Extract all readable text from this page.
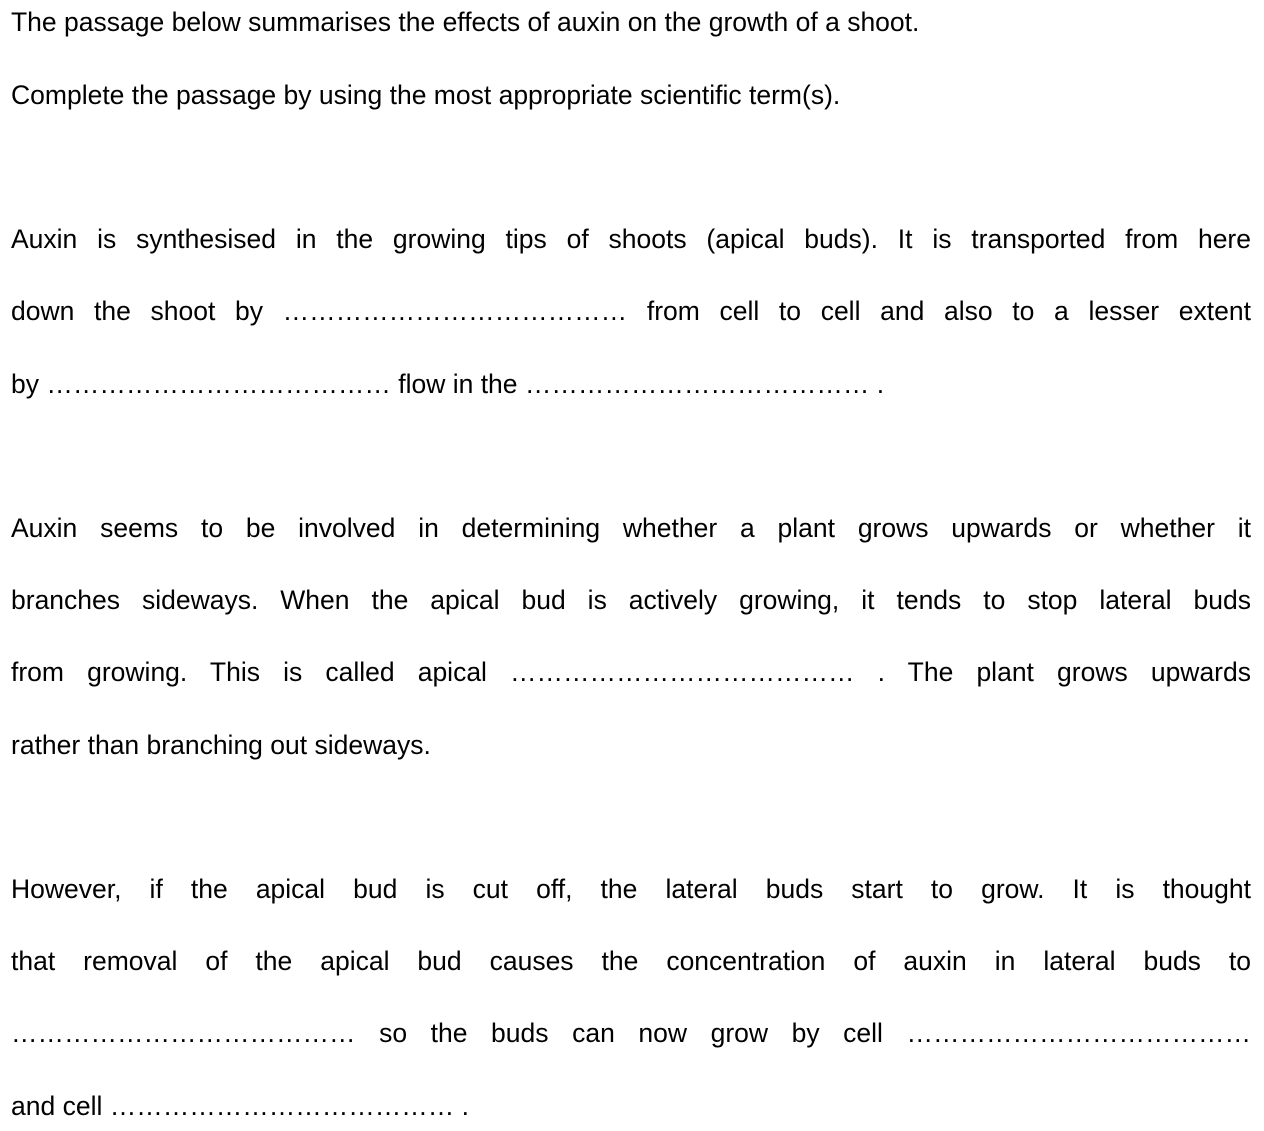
The passage below summarises the effects of auxin on the growth of a shoot.
Complete the passage by using the most appropriate scientific term(s).
Auxin is synthesised in the growing tips of shoots (apical buds). It is transported from here
down the shoot by ………………………………… from cell to cell and also to a lesser extent
by ………………………………… flow in the ………………………………… .
Auxin seems to be involved in determining whether a plant grows upwards or whether it
branches sideways. When the apical bud is actively growing, it tends to stop lateral buds
from growing. This is called apical ………………………………… . The plant grows upwards
rather than branching out sideways.
However, if the apical bud is cut off, the lateral buds start to grow. It is thought
that removal of the apical bud causes the concentration of auxin in lateral buds to
………………………………… so the buds can now grow by cell …………………………………
and cell ………………………………… .
